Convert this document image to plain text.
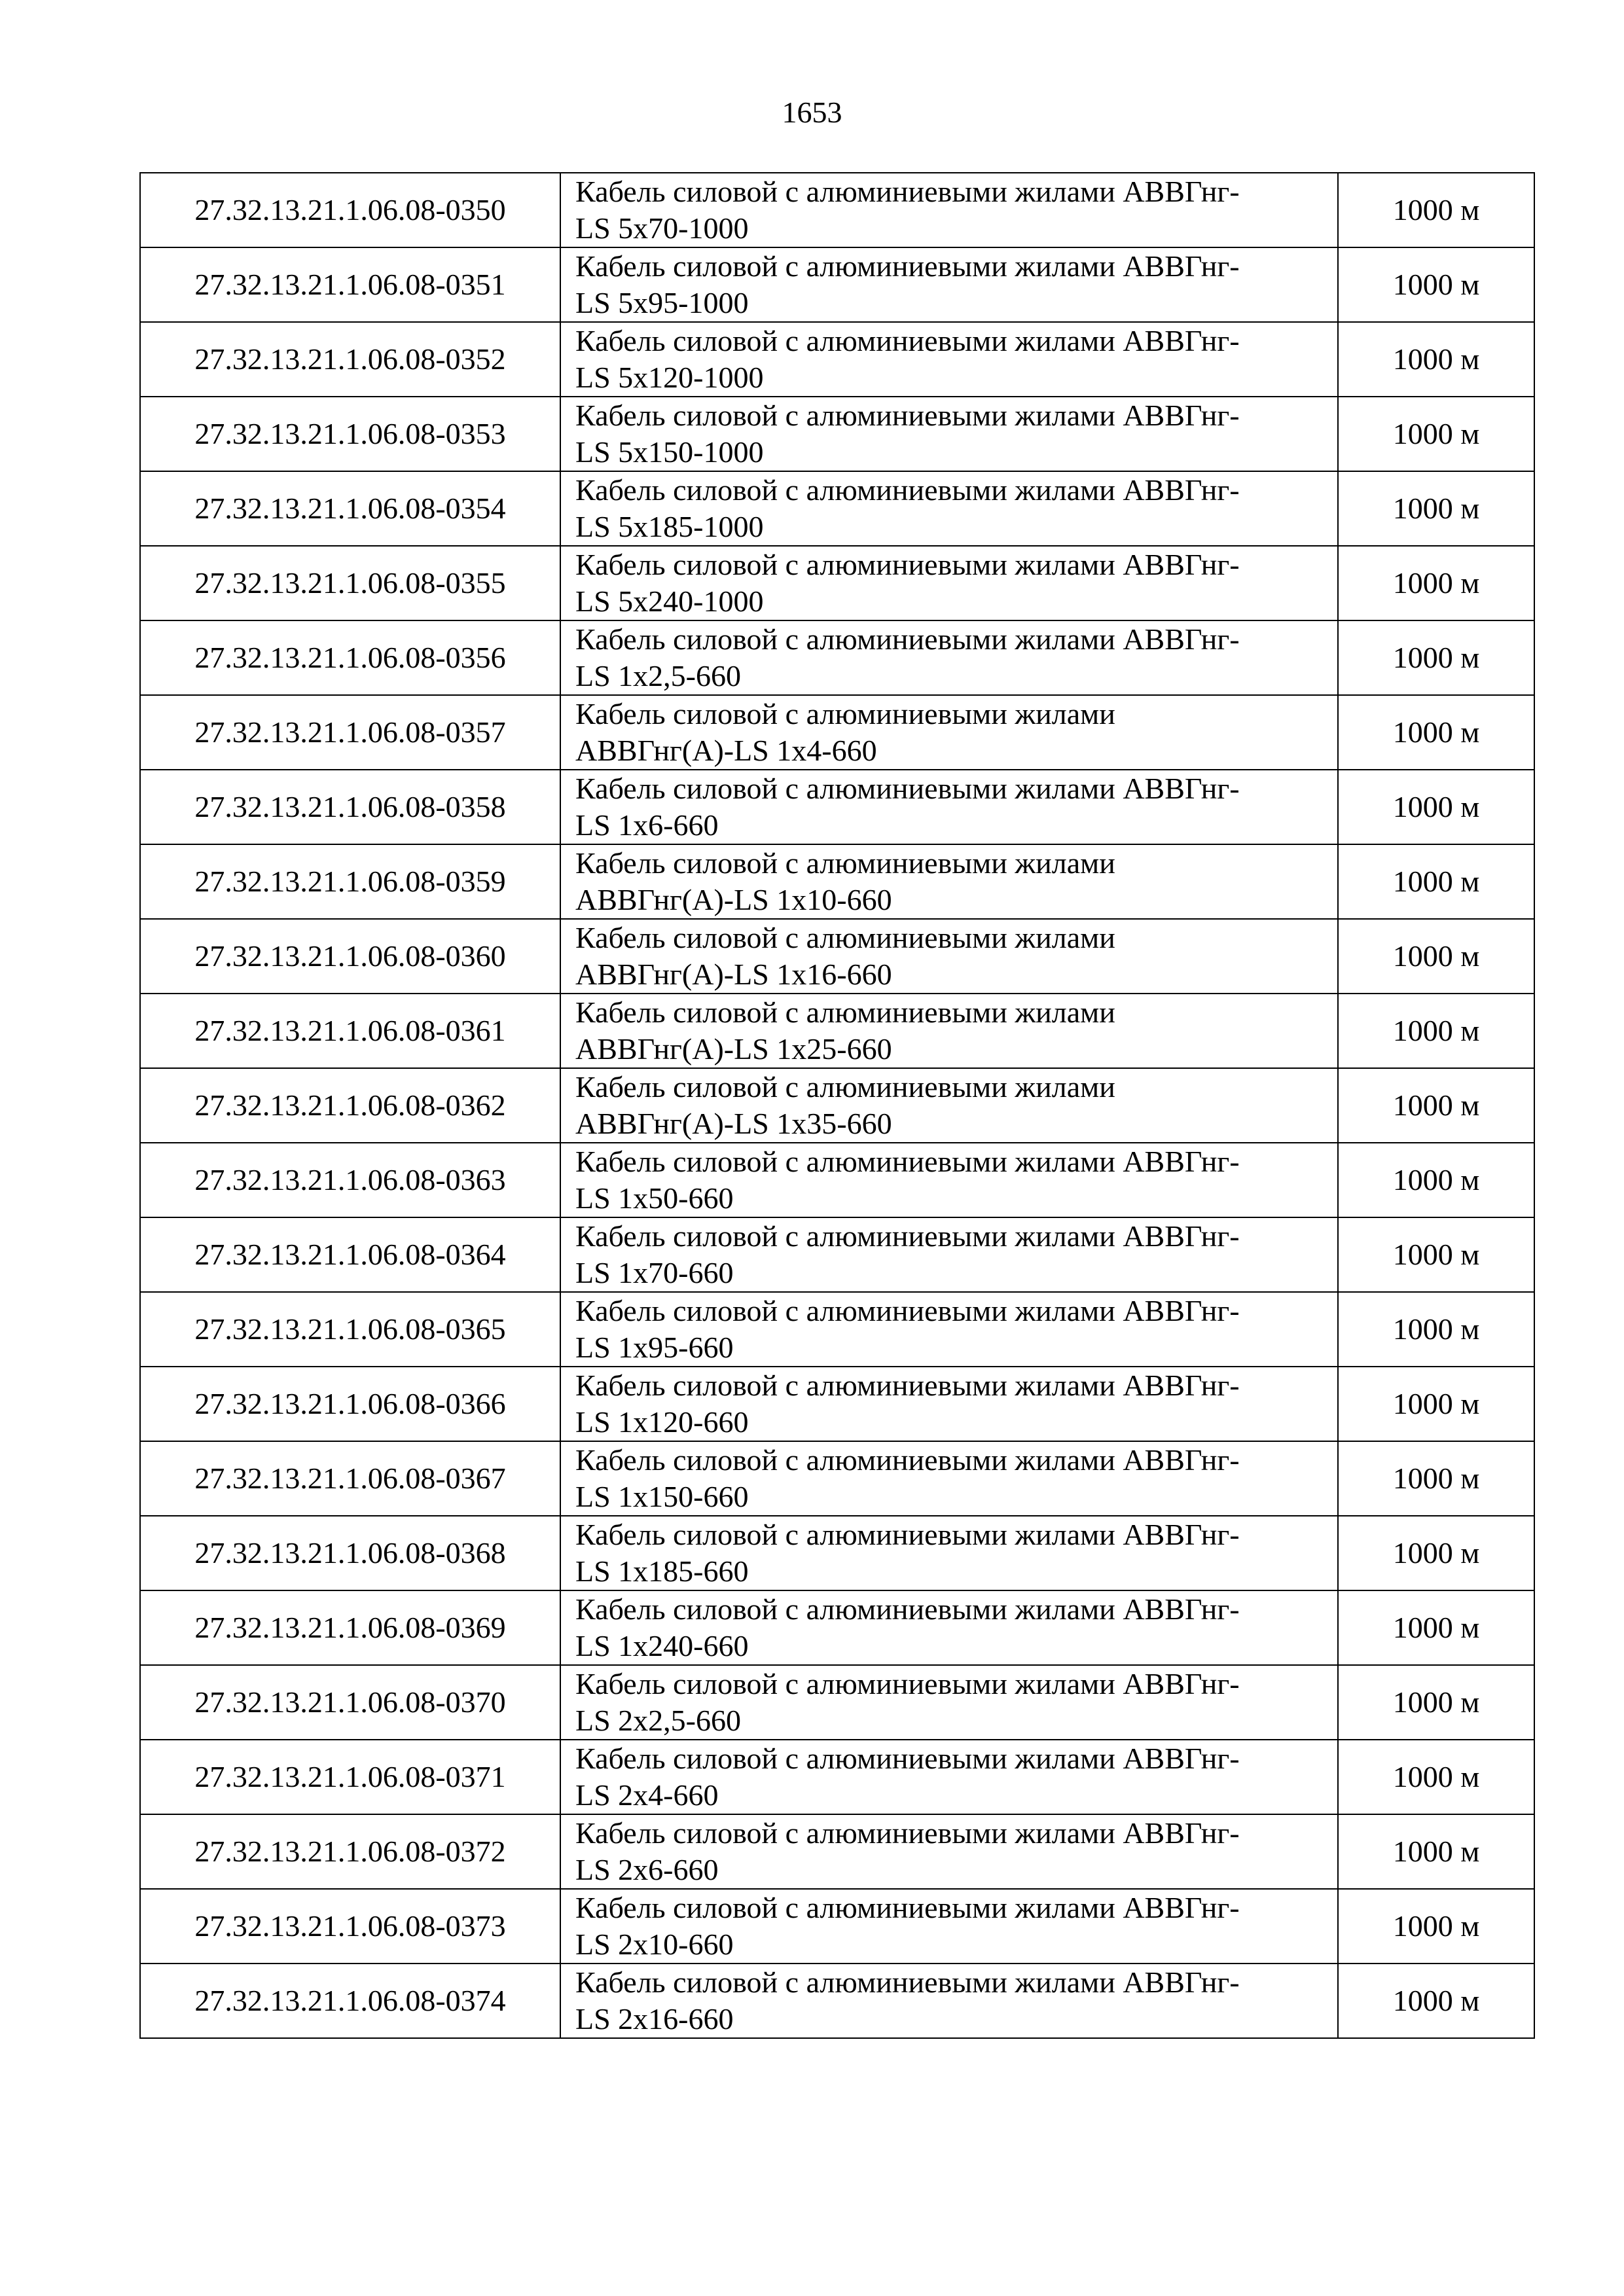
1653
27.32.13.21.1.06.08-0350	Кабель силовой с алюминиевыми жилами АВВГнг-
LS 5х70-1000	1000 м
27.32.13.21.1.06.08-0351	Кабель силовой с алюминиевыми жилами АВВГнг-
LS 5х95-1000	1000 м
27.32.13.21.1.06.08-0352	Кабель силовой с алюминиевыми жилами АВВГнг-
LS 5х120-1000	1000 м
27.32.13.21.1.06.08-0353	Кабель силовой с алюминиевыми жилами АВВГнг-
LS 5х150-1000	1000 м
27.32.13.21.1.06.08-0354	Кабель силовой с алюминиевыми жилами АВВГнг-
LS 5х185-1000	1000 м
27.32.13.21.1.06.08-0355	Кабель силовой с алюминиевыми жилами АВВГнг-
LS 5х240-1000	1000 м
27.32.13.21.1.06.08-0356	Кабель силовой с алюминиевыми жилами АВВГнг-
LS 1х2,5-660	1000 м
27.32.13.21.1.06.08-0357	Кабель силовой с алюминиевыми жилами
АВВГнг(А)-LS 1х4-660	1000 м
27.32.13.21.1.06.08-0358	Кабель силовой с алюминиевыми жилами АВВГнг-
LS 1х6-660	1000 м
27.32.13.21.1.06.08-0359	Кабель силовой с алюминиевыми жилами
АВВГнг(А)-LS 1х10-660	1000 м
27.32.13.21.1.06.08-0360	Кабель силовой с алюминиевыми жилами
АВВГнг(А)-LS 1х16-660	1000 м
27.32.13.21.1.06.08-0361	Кабель силовой с алюминиевыми жилами
АВВГнг(А)-LS 1х25-660	1000 м
27.32.13.21.1.06.08-0362	Кабель силовой с алюминиевыми жилами
АВВГнг(А)-LS 1х35-660	1000 м
27.32.13.21.1.06.08-0363	Кабель силовой с алюминиевыми жилами АВВГнг-
LS 1х50-660	1000 м
27.32.13.21.1.06.08-0364	Кабель силовой с алюминиевыми жилами АВВГнг-
LS 1х70-660	1000 м
27.32.13.21.1.06.08-0365	Кабель силовой с алюминиевыми жилами АВВГнг-
LS 1х95-660	1000 м
27.32.13.21.1.06.08-0366	Кабель силовой с алюминиевыми жилами АВВГнг-
LS 1х120-660	1000 м
27.32.13.21.1.06.08-0367	Кабель силовой с алюминиевыми жилами АВВГнг-
LS 1х150-660	1000 м
27.32.13.21.1.06.08-0368	Кабель силовой с алюминиевыми жилами АВВГнг-
LS 1х185-660	1000 м
27.32.13.21.1.06.08-0369	Кабель силовой с алюминиевыми жилами АВВГнг-
LS 1х240-660	1000 м
27.32.13.21.1.06.08-0370	Кабель силовой с алюминиевыми жилами АВВГнг-
LS 2х2,5-660	1000 м
27.32.13.21.1.06.08-0371	Кабель силовой с алюминиевыми жилами АВВГнг-
LS 2х4-660	1000 м
27.32.13.21.1.06.08-0372	Кабель силовой с алюминиевыми жилами АВВГнг-
LS 2х6-660	1000 м
27.32.13.21.1.06.08-0373	Кабель силовой с алюминиевыми жилами АВВГнг-
LS 2х10-660	1000 м
27.32.13.21.1.06.08-0374	Кабель силовой с алюминиевыми жилами АВВГнг-
LS 2х16-660	1000 м
